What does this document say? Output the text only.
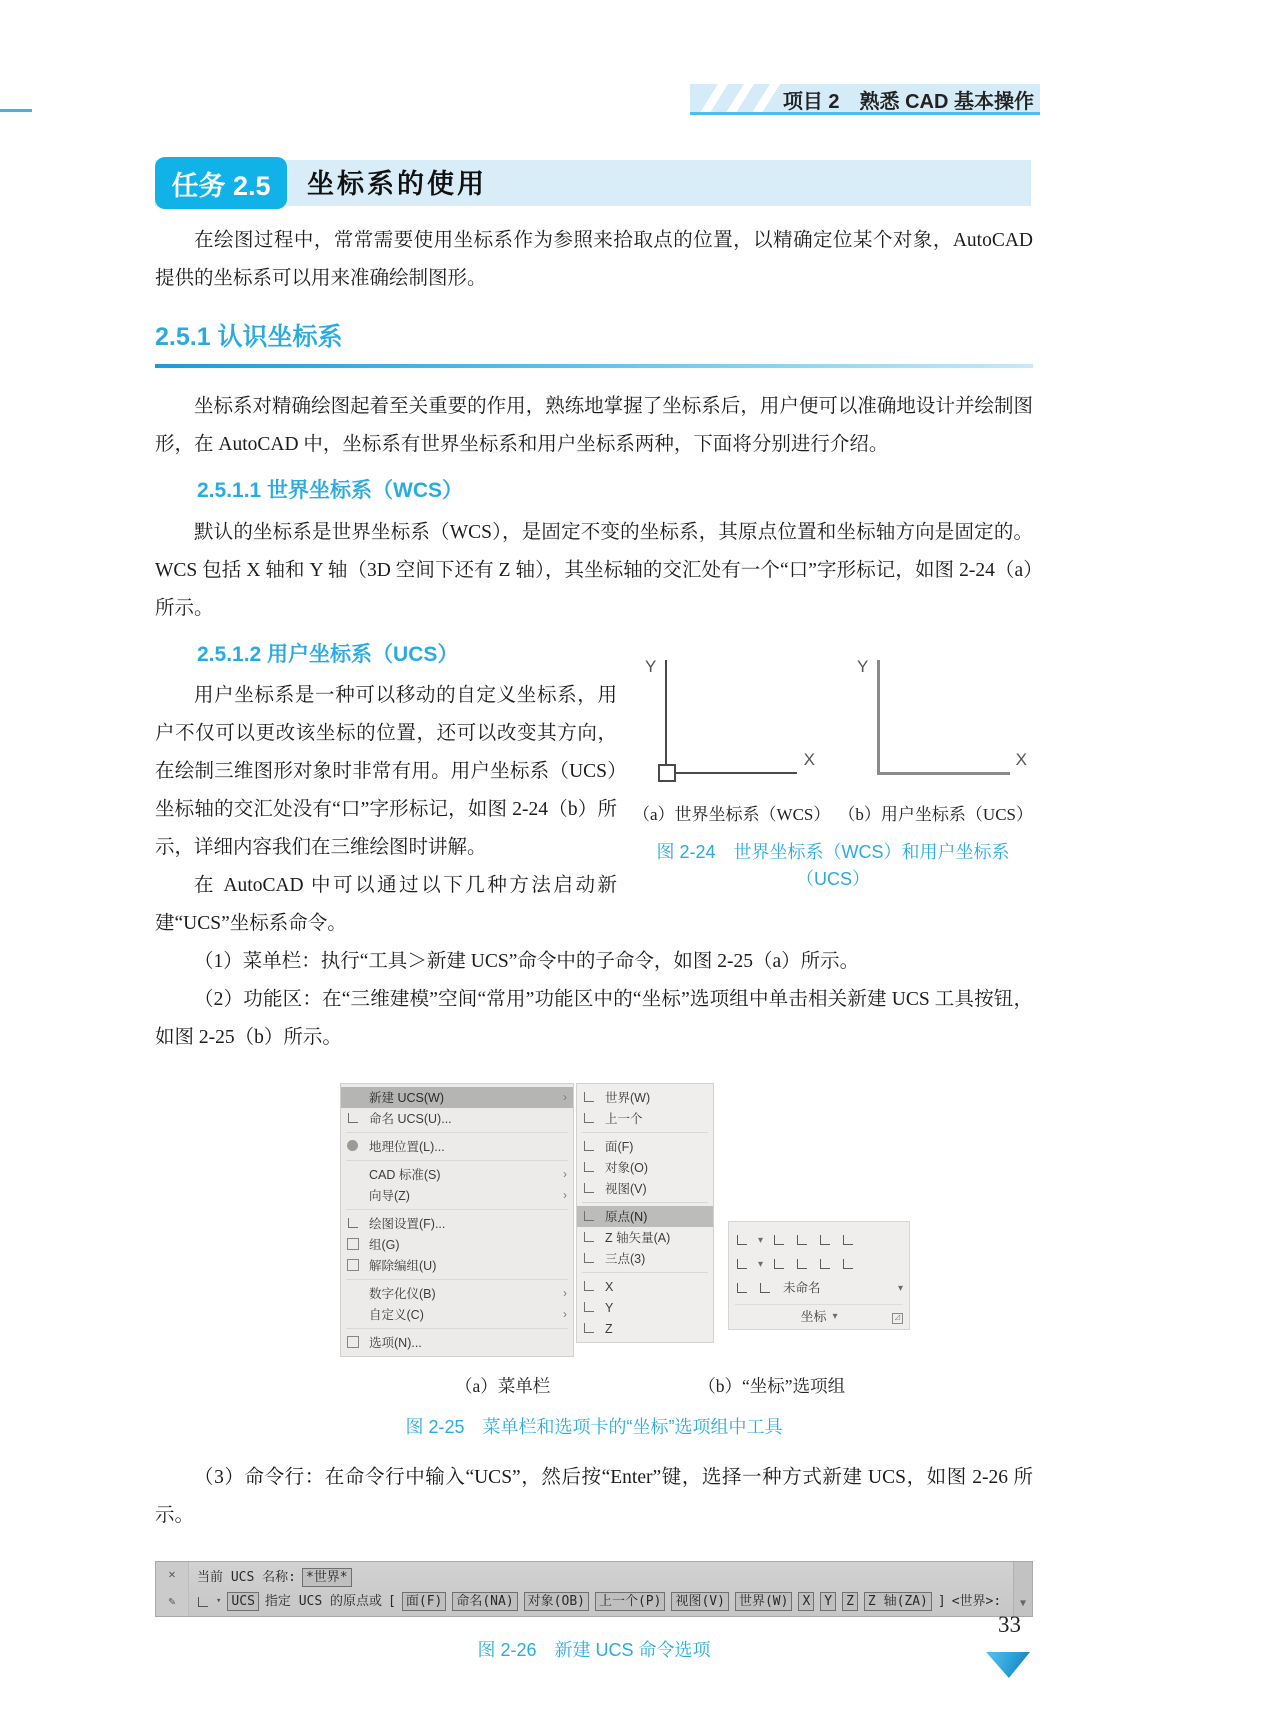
项目 2　熟悉 CAD 基本操作
任务 2.5	坐标系的使用

在绘图过程中，常常需要使用坐标系作为参照来拾取点的位置，以精确定位某个对象，AutoCAD 提供的坐标系可以用来准确绘制图形。

2.5.1 认识坐标系

坐标系对精确绘图起着至关重要的作用，熟练地掌握了坐标系后，用户便可以准确地设计并绘制图形，在 AutoCAD 中，坐标系有世界坐标系和用户坐标系两种，下面将分别进行介绍。

2.5.1.1 世界坐标系（WCS）

默认的坐标系是世界坐标系（WCS），是固定不变的坐标系，其原点位置和坐标轴方向是固定的。WCS 包括 X 轴和 Y 轴（3D 空间下还有 Z 轴），其坐标轴的交汇处有一个“口”字形标记，如图 2-24（a）所示。

Y
X
Y
X
（a）世界坐标系（WCS） （b）用户坐标系（UCS）
图 2-24　世界坐标系（WCS）和用户坐标系
（UCS）
2.5.1.2 用户坐标系（UCS）

用户坐标系是一种可以移动的自定义坐标系，用户不仅可以更改该坐标的位置，还可以改变其方向，在绘制三维图形对象时非常有用。用户坐标系（UCS）坐标轴的交汇处没有“口”字形标记，如图 2-24（b）所示，详细内容我们在三维绘图时讲解。

在 AutoCAD 中可以通过以下几种方法启动新建“UCS”坐标系命令。

（1）菜单栏：执行“工具＞新建 UCS”命令中的子命令，如图 2-25（a）所示。

（2）功能区：在“三维建模”空间“常用”功能区中的“坐标”选项组中单击相关新建 UCS 工具按钮，如图 2-25（b）所示。

新建 UCS(W)	›
命名 UCS(U)...
地理位置(L)...
CAD 标准(S)	›
向导(Z)	›
绘图设置(F)...
组(G)
解除编组(U)
数字化仪(B)	›
自定义(C)	›
选项(N)...
世界(W)
上一个
面(F)
对象(O)
视图(V)
原点(N)
Z 轴矢量(A)
三点(3)
X
Y
Z
▾
▾
未命名	▾
坐标 ▾	◿
（a）菜单栏	（b）“坐标”选项组
图 2-25　菜单栏和选项卡的“坐标”选项组中工具

（3）命令行：在命令行中输入“UCS”，然后按“Enter”键，选择一种方式新建 UCS，如图 2-26 所示。

✕
✎
当前 UCS 名称: *世界*
▾ UCS 指定 UCS 的原点或 [ 面(F)	命名(NA)	对象(OB)	上一个(P)	视图(V)	世界(W)	X	Y	Z	Z 轴(ZA) ] <世界>:	▼
图 2-26　新建 UCS 命令选项
33
